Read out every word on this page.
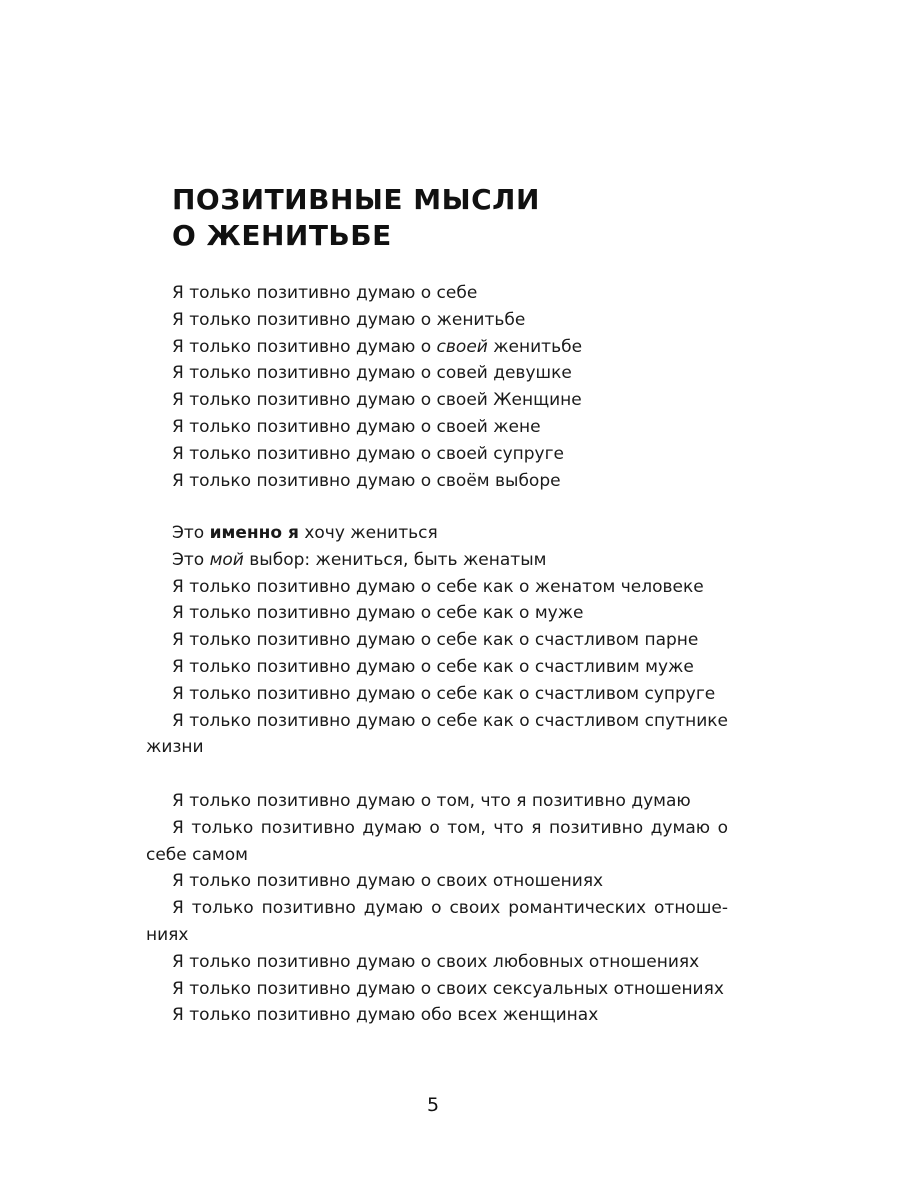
ПОЗИТИВНЫЕ МЫСЛИ
О ЖЕНИТЬБЕ
Я только позитивно думаю о себе
Я только позитивно думаю о женитьбе
Я только позитивно думаю о своей женитьбе
Я только позитивно думаю о совей девушке
Я только позитивно думаю о своей Женщине
Я только позитивно думаю о своей жене
Я только позитивно думаю о своей супруге
Я только позитивно думаю о своём выборе
Это именно я хочу жениться
Это мой выбор: жениться, быть женатым
Я только позитивно думаю о себе как о женатом человеке
Я только позитивно думаю о себе как о муже
Я только позитивно думаю о себе как о счастливом парне
Я только позитивно думаю о себе как о счастливим муже
Я только позитивно думаю о себе как о счастливом супруге
Я только позитивно думаю о себе как о счастливом спутнике жизни
Я только позитивно думаю о том, что я позитивно думаю
Я только позитивно думаю о том, что я позитивно думаю о себе самом
Я только позитивно думаю о своих отношениях
Я только позитивно думаю о своих романтических отноше-ниях
Я только позитивно думаю о своих любовных отношениях
Я только позитивно думаю о своих сексуальных отношениях
Я только позитивно думаю обо всех женщинах
5
